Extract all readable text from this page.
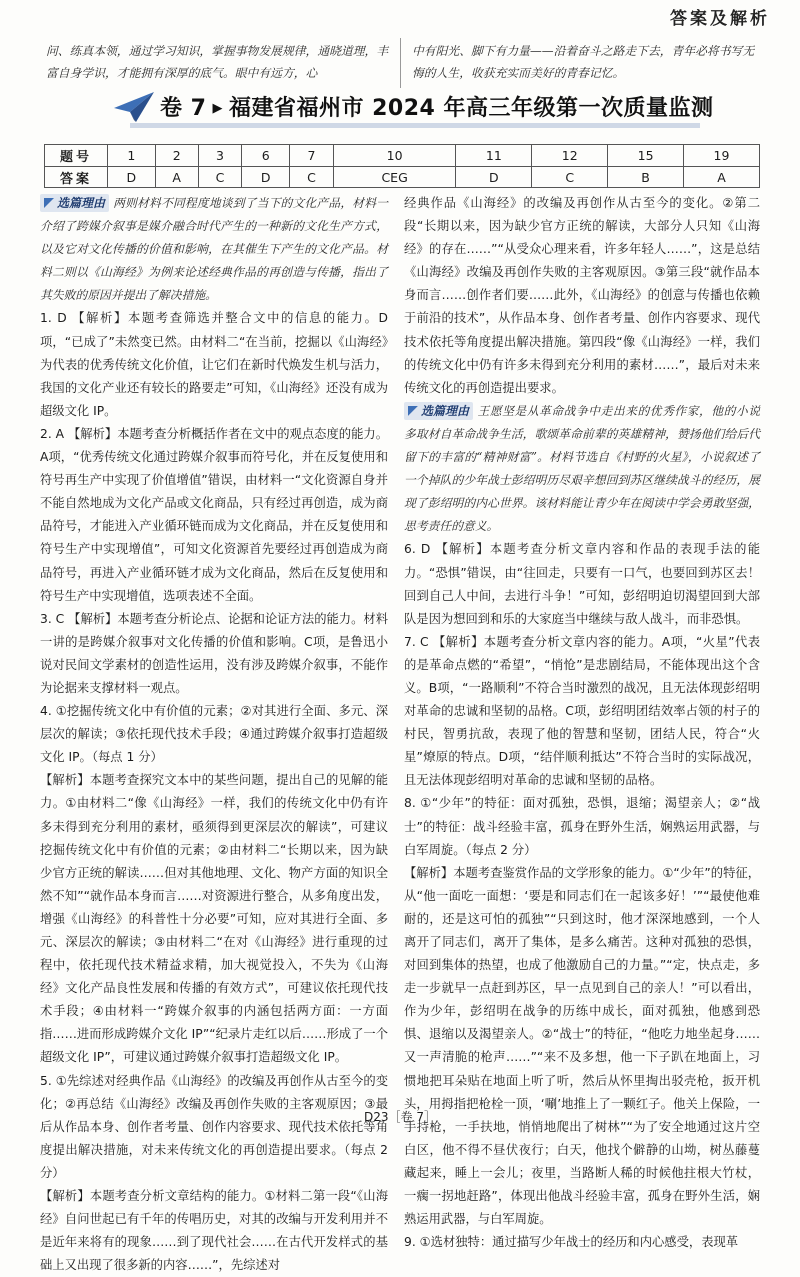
答案及解析
问、练真本领，通过学习知识，掌握事物发展规律，通晓道理，丰富自身学识，才能拥有深厚的底气。眼中有远方，心
中有阳光、脚下有力量——沿着奋斗之路走下去，青年必将书写无悔的人生，收获充实而美好的青春记忆。
卷 7 ▶ 福建省福州市 2024 年高三年级第一次质量监测
题号	1	2	3	6	7	10	11	12	15	19
答案	D	A	C	D	C	CEG	D	C	B	A

选篇理由 两则材料不同程度地谈到了当下的文化产品，材料一介绍了跨媒介叙事是媒介融合时代产生的一种新的文化生产方式，以及它对文化传播的价值和影响，在其催生下产生的文化产品。材料二则以《山海经》为例来论述经典作品的再创造与传播，指出了其失败的原因并提出了解决措施。

1. D 【解析】本题考查筛选并整合文中的信息的能力。D项，“已成了”未然变已然。由材料二“在当前，挖掘以《山海经》为代表的优秀传统文化价值，让它们在新时代焕发生机与活力，我国的文化产业还有较长的路要走”可知，《山海经》还没有成为超级文化 IP。

2. A 【解析】本题考查分析概括作者在文中的观点态度的能力。A项，“优秀传统文化通过跨媒介叙事而符号化，并在反复使用和符号再生产中实现了价值增值”错误，由材料一“文化资源自身并不能自然地成为文化产品或文化商品，只有经过再创造，成为商品符号，才能进入产业循环链而成为文化商品，并在反复使用和符号生产中实现增值”，可知文化资源首先要经过再创造成为商品符号，再进入产业循环链才成为文化商品，然后在反复使用和符号生产中实现增值，选项表述不全面。

3. C 【解析】本题考查分析论点、论据和论证方法的能力。材料一讲的是跨媒介叙事对文化传播的价值和影响。C项，是鲁迅小说对民间文学素材的创造性运用，没有涉及跨媒介叙事，不能作为论据来支撑材料一观点。

4. ①挖掘传统文化中有价值的元素；②对其进行全面、多元、深层次的解读；③依托现代技术手段；④通过跨媒介叙事打造超级文化 IP。（每点 1 分）

【解析】本题考查探究文本中的某些问题，提出自己的见解的能力。①由材料二“像《山海经》一样，我们的传统文化中仍有许多未得到充分利用的素材，亟须得到更深层次的解读”，可建议挖掘传统文化中有价值的元素；②由材料二“长期以来，因为缺少官方正统的解读……但对其他地理、文化、物产方面的知识全然不知”“就作品本身而言……对资源进行整合，从多角度出发，增强《山海经》的科普性十分必要”可知，应对其进行全面、多元、深层次的解读；③由材料二“在对《山海经》进行重现的过程中，依托现代技术精益求精，加大视觉投入，不失为《山海经》文化产品良性发展和传播的有效方式”，可建议依托现代技术手段；④由材料一“跨媒介叙事的内涵包括两方面：一方面指……进而形成跨媒介文化 IP”“纪录片走红以后……形成了一个超级文化 IP”，可建议通过跨媒介叙事打造超级文化 IP。

5. ①先综述对经典作品《山海经》的改编及再创作从古至今的变化；②再总结《山海经》改编及再创作失败的主客观原因；③最后从作品本身、创作者考量、创作内容要求、现代技术依托等角度提出解决措施，对未来传统文化的再创造提出要求。（每点 2 分）

【解析】本题考查分析文章结构的能力。①材料二第一段“《山海经》自问世起已有千年的传唱历史，对其的改编与开发利用并不是近年来将有的现象……到了现代社会……在古代开发样式的基础上又出现了很多新的内容……”，先综述对

经典作品《山海经》的改编及再创作从古至今的变化。②第二段“长期以来，因为缺少官方正统的解读，大部分人只知《山海经》的存在……”“从受众心理来看，许多年轻人……”，这是总结《山海经》改编及再创作失败的主客观原因。③第三段“就作品本身而言……创作者们要……此外，《山海经》的创意与传播也依赖于前沿的技术”，从作品本身、创作者考量、创作内容要求、现代技术依托等角度提出解决措施。第四段“像《山海经》一样，我们的传统文化中仍有许多未得到充分利用的素材……”，最后对未来传统文化的再创造提出要求。

选篇理由 王愿坚是从革命战争中走出来的优秀作家，他的小说多取材自革命战争生活，歌颂革命前辈的英雄精神，赞扬他们给后代留下的丰富的“精神财富”。材料节选自《村野的火星》，小说叙述了一个掉队的少年战士彭绍明历尽艰辛想回到苏区继续战斗的经历，展现了彭绍明的内心世界。该材料能让青少年在阅读中学会勇敢坚强，思考责任的意义。

6. D 【解析】本题考查分析文章内容和作品的表现手法的能力。“恐惧”错误，由“往回走，只要有一口气，也要回到苏区去！回到自己人中间，去进行斗争！”可知，彭绍明迫切渴望回到大部队是因为想回到和乐的大家庭当中继续与敌人战斗，而非恐惧。

7. C 【解析】本题考查分析文章内容的能力。A项，“火星”代表的是革命点燃的“希望”，“悄怆”是悲剧结局，不能体现出这个含义。B项，“一路顺利”不符合当时激烈的战况，且无法体现彭绍明对革命的忠诚和坚韧的品格。C项，彭绍明团结效率占领的村子的村民，智勇抗敌，表现了他的智慧和坚韧，团结人民，符合“火星”燎原的特点。D项，“结伴顺利抵达”不符合当时的实际战况，且无法体现彭绍明对革命的忠诚和坚韧的品格。

8. ①“少年”的特征：面对孤独，恐惧，退缩；渴望亲人；②“战士”的特征：战斗经验丰富，孤身在野外生活，娴熟运用武器，与白军周旋。（每点 2 分）

【解析】本题考查鉴赏作品的文学形象的能力。①“少年”的特征，从“他一面吃一面想：‘要是和同志们在一起该多好！’”“最使他难耐的，还是这可怕的孤独”“只到这时，他才深深地感到，一个人离开了同志们，离开了集体，是多么痛苦。这种对孤独的恐惧，对回到集体的热望，也成了他激励自己的力量。”“定，快点走，多走一步就早一点赶到苏区，早一点见到自己的亲人！”可以看出，作为少年，彭绍明在战争的历练中成长，面对孤独，他感到恐惧、退缩以及渴望亲人。②“战士”的特征，“他吃力地坐起身……又一声清脆的枪声……”“来不及多想，他一下子趴在地面上，习惯地把耳朵贴在地面上听了听，然后从怀里掏出驳壳枪，扳开机头，用拇指把枪栓一顶，‘唰’地推上了一颗红子。他关上保险，一手持枪，一手扶地，悄悄地爬出了树林”“为了安全地通过这片空白区，他不得不昼伏夜行；白天，他找个僻静的山坳，树丛藤蔓藏起来，睡上一会儿；夜里，当路断人稀的时候他拄根大竹杖，一瘸一拐地赶路”，体现出他战斗经验丰富，孤身在野外生活，娴熟运用武器，与白军周旋。

9. ①选材独特：通过描写少年战士的经历和内心感受，表现革

D23［卷 7］
